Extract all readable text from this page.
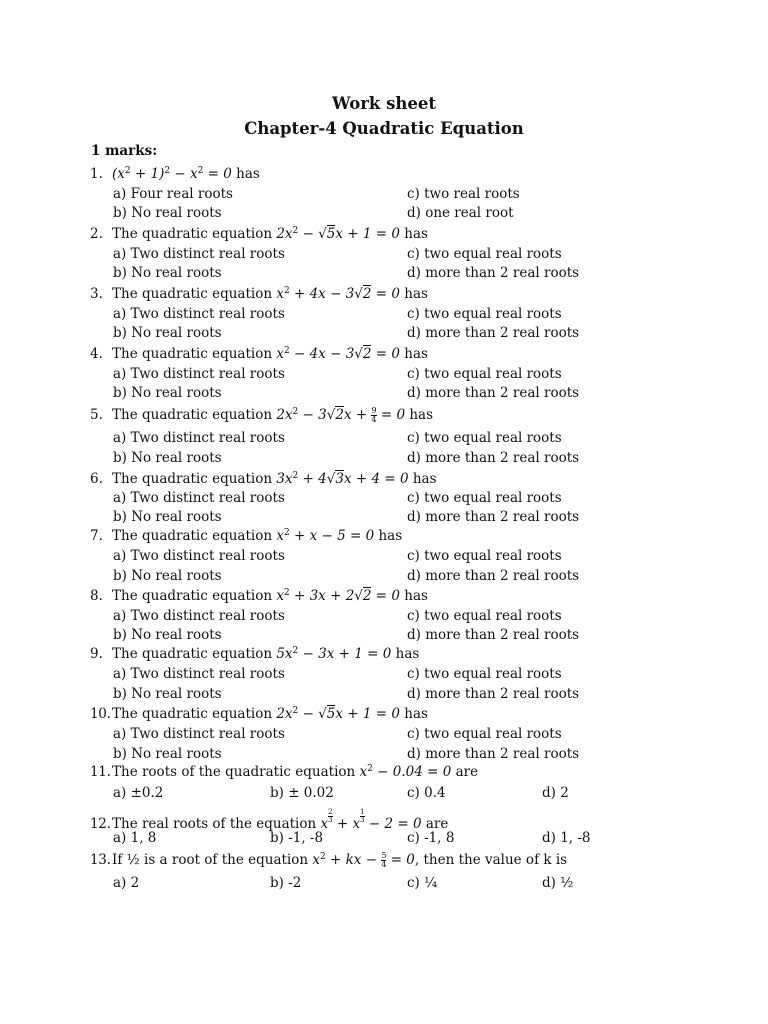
Work sheet
Chapter-4 Quadratic Equation
1 marks:
1. $(x^2 + 1)^2 - x^2 = 0$ has
a) Four real roots
b) No real roots
c) two real roots
d) one real root
2. The quadratic equation $2x^2 - √5x + 1 = 0$ has
a) Two distinct real roots
b) No real roots
c) two equal real roots
d) more than 2 real roots
3. The quadratic equation $x^2 + 4x - 3√2 = 0$ has
a) Two distinct real roots
b) No real roots
c) two equal real roots
d) more than 2 real roots
4. The quadratic equation $x^2 - 4x - 3√2 = 0$ has
a) Two distinct real roots
b) No real roots
c) two equal real roots
d) more than 2 real roots
5. The quadratic equation $2x^2 - 3√2x + \frac{9}{4} = 0$ has
a) Two distinct real roots
b) No real roots
c) two equal real roots
d) more than 2 real roots
6. The quadratic equation $3x^2 + 4√3x + 4 = 0$ has
a) Two distinct real roots
b) No real roots
c) two equal real roots
d) more than 2 real roots
7. The quadratic equation $x^2 + x - 5 = 0$ has
a) Two distinct real roots
b) No real roots
c) two equal real roots
d) more than 2 real roots
8. The quadratic equation $x^2 + 3x + 2√2 = 0$ has
a) Two distinct real roots
b) No real roots
c) two equal real roots
d) more than 2 real roots
9. The quadratic equation $5x^2 - 3x + 1 = 0$ has
a) Two distinct real roots
b) No real roots
c) two equal real roots
d) more than 2 real roots
10.The quadratic equation $2x^2 - √5x + 1 = 0$ has
a) Two distinct real roots
b) No real roots
c) two equal real roots
d) more than 2 real roots
11.The roots of the quadratic equation $x^2 - 0.04 = 0$ are
a) ±0.2	b) ± 0.02	c) 0.4	d) 2
12.The real roots of the equation x $\frac{2}{3} + x \frac{1}{3} - 2 = 0$ are
a) 1, 8	b) -1, -8	c) -1, 8	d) 1, -8
13.If ½ is a root of the equation $x^2$ + kx − $\frac{5}{4} = 0$, then the value of k is
a) 2	b) -2	c) ¼	d) ½
